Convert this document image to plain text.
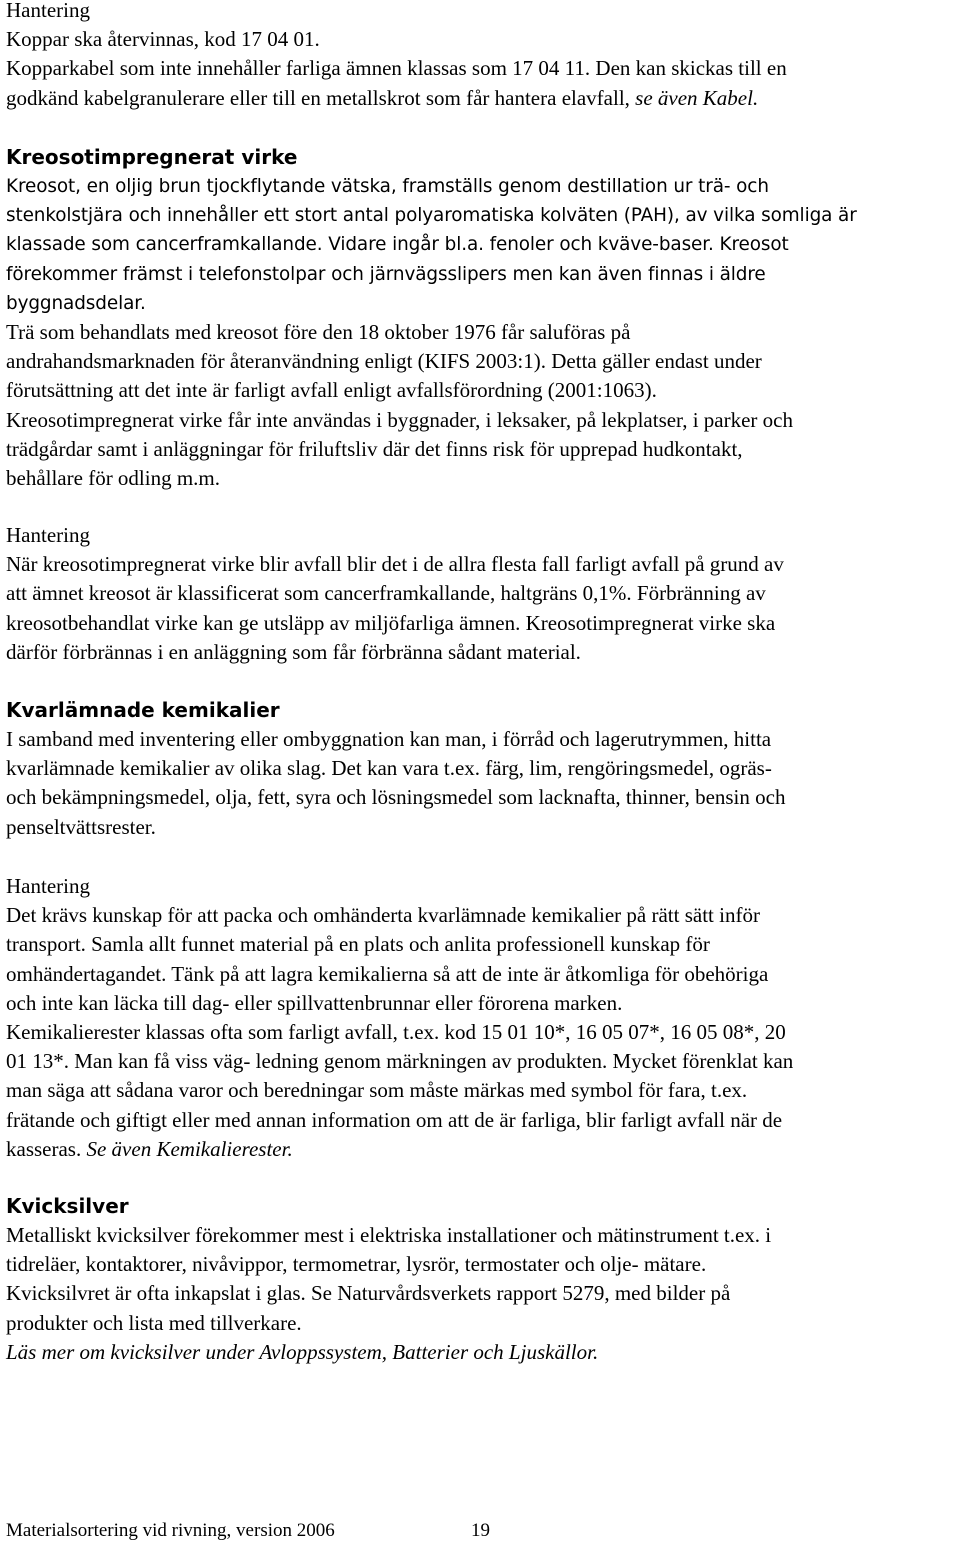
Hantering
Koppar ska återvinnas, kod 17 04 01.
Kopparkabel som inte innehåller farliga ämnen klassas som 17 04 11. Den kan skickas till en
godkänd kabelgranulerare eller till en metallskrot som får hantera elavfall, se även Kabel.
Kreosotimpregnerat virke
Kreosot, en oljig brun tjockflytande vätska, framställs genom destillation ur trä- och
stenkolstjära och innehåller ett stort antal polyaromatiska kolväten (PAH), av vilka somliga är
klassade som cancerframkallande. Vidare ingår bl.a. fenoler och kväve-baser. Kreosot
förekommer främst i telefonstolpar och järnvägsslipers men kan även finnas i äldre
byggnadsdelar.
Trä som behandlats med kreosot före den 18 oktober 1976 får saluföras på
andrahandsmarknaden för återanvändning enligt (KIFS 2003:1). Detta gäller endast under
förutsättning att det inte är farligt avfall enligt avfallsförordning (2001:1063).
Kreosotimpregnerat virke får inte användas i byggnader, i leksaker, på lekplatser, i parker och
trädgårdar samt i anläggningar för friluftsliv där det finns risk för upprepad hudkontakt,
behållare för odling m.m.
Hantering
När kreosotimpregnerat virke blir avfall blir det i de allra flesta fall farligt avfall på grund av
att ämnet kreosot är klassificerat som cancerframkallande, haltgräns 0,1%. Förbränning av
kreosotbehandlat virke kan ge utsläpp av miljöfarliga ämnen. Kreosotimpregnerat virke ska
därför förbrännas i en anläggning som får förbränna sådant material.
Kvarlämnade kemikalier
I samband med inventering eller ombyggnation kan man, i förråd och lagerutrymmen, hitta
kvarlämnade kemikalier av olika slag. Det kan vara t.ex. färg, lim, rengöringsmedel, ogräs-
och bekämpningsmedel, olja, fett, syra och lösningsmedel som lacknafta, thinner, bensin och
penseltvättsrester.
Hantering
Det krävs kunskap för att packa och omhänderta kvarlämnade kemikalier på rätt sätt inför
transport. Samla allt funnet material på en plats och anlita professionell kunskap för
omhändertagandet. Tänk på att lagra kemikalierna så att de inte är åtkomliga för obehöriga
och inte kan läcka till dag- eller spillvattenbrunnar eller förorena marken.
Kemikalierester klassas ofta som farligt avfall, t.ex. kod 15 01 10*, 16 05 07*, 16 05 08*, 20
01 13*. Man kan få viss väg- ledning genom märkningen av produkten. Mycket förenklat kan
man säga att sådana varor och beredningar som måste märkas med symbol för fara, t.ex.
frätande och giftigt eller med annan information om att de är farliga, blir farligt avfall när de
kasseras. Se även Kemikalierester.
Kvicksilver
Metalliskt kvicksilver förekommer mest i elektriska installationer och mätinstrument t.ex. i
tidreläer, kontaktorer, nivåvippor, termometrar, lysrör, termostater och olje- mätare.
Kvicksilvret är ofta inkapslat i glas. Se Naturvårdsverkets rapport 5279, med bilder på
produkter och lista med tillverkare.
Läs mer om kvicksilver under Avloppssystem, Batterier och Ljuskällor.
Materialsortering vid rivning, version 2006	19
